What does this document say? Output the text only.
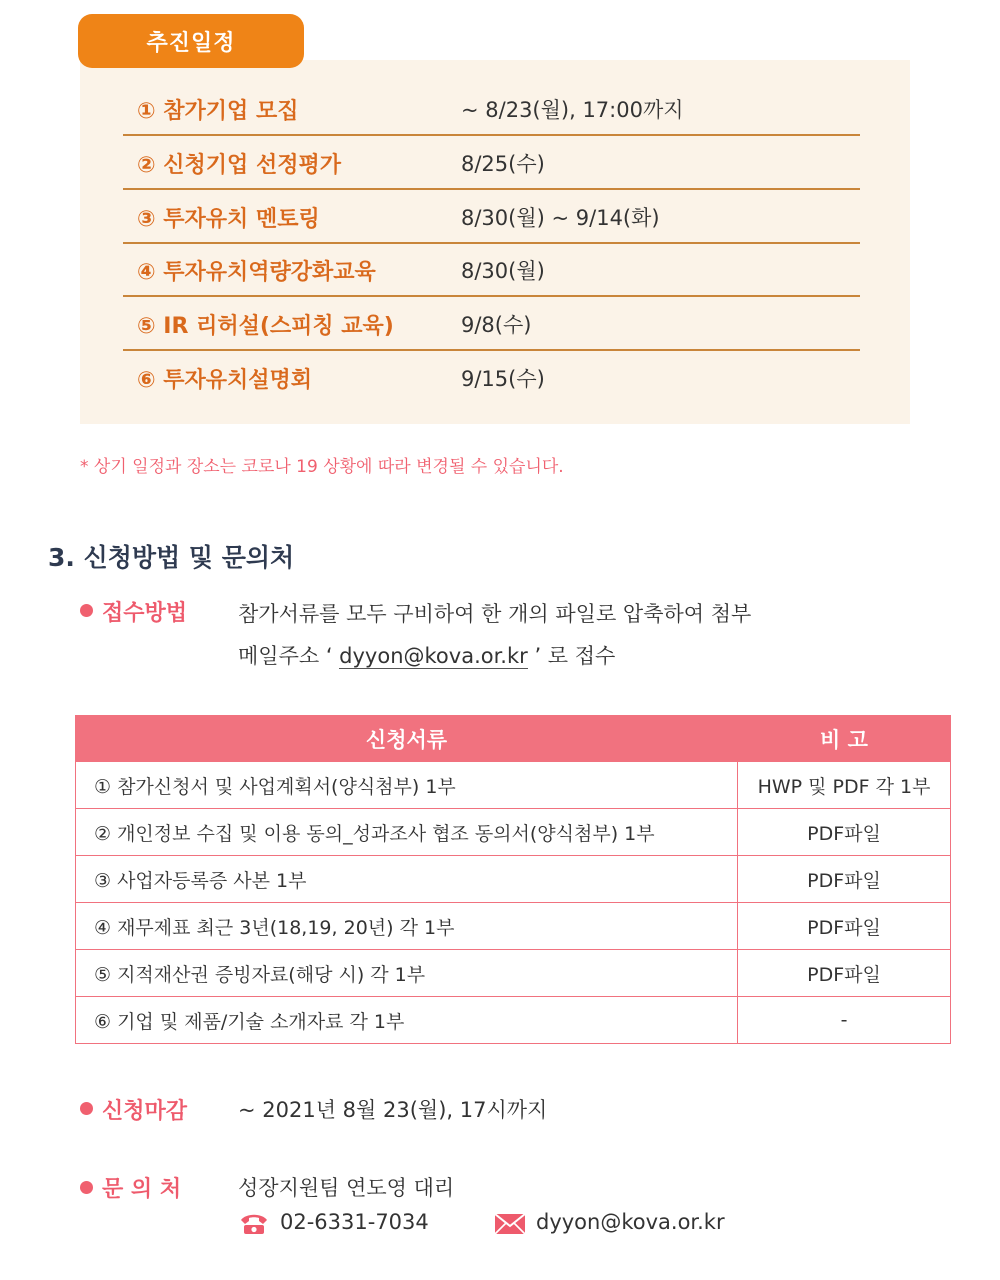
추진일정
① 참가기업 모집	~ 8/23(월), 17:00까지
② 신청기업 선정평가	8/25(수)
③ 투자유치 멘토링	8/30(월) ~ 9/14(화)
④ 투자유치역량강화교육	8/30(월)
⑤ IR 리허설(스피칭 교육)	9/8(수)
⑥ 투자유치설명회	9/15(수)
* 상기 일정과 장소는 코로나 19 상황에 따라 변경될 수 있습니다.
3. 신청방법 및 문의처
접수방법 참가서류를 모두 구비하여 한 개의 파일로 압축하여 첨부
메일주소 ‘ dyyon@kova.or.kr ’ 로 접수
신청서류	비 고
① 참가신청서 및 사업계획서(양식첨부) 1부	HWP 및 PDF 각 1부
② 개인정보 수집 및 이용 동의_성과조사 협조 동의서(양식첨부) 1부	PDF파일
③ 사업자등록증 사본 1부	PDF파일
④ 재무제표 최근 3년(18,19, 20년) 각 1부	PDF파일
⑤ 지적재산권 증빙자료(해당 시) 각 1부	PDF파일
⑥ 기업 및 제품/기술 소개자료 각 1부	-
신청마감 ~ 2021년 8월 23(월), 17시까지
문 의 처	성장지원팀 연도영 대리
02-6331-7034	dyyon@kova.or.kr
